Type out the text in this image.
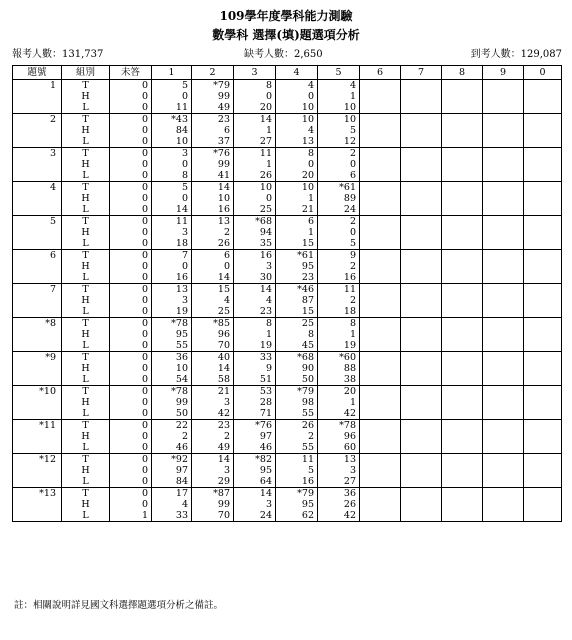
109學年度學科能力測驗
數學科 選擇(填)題選項分析
報考人數：131,737	缺考人數：2,650	到考人數：129,087
題號	組別	未答	1	2	3	4	5	6	7	8	9	0
1	T	0	5	*79	8	4	4					
	H	0	0	99	0	0	1					
	L	0	11	49	20	10	10					
2	T	0	*43	23	14	10	10					
	H	0	84	6	1	4	5					
	L	0	10	37	27	13	12					
3	T	0	3	*76	11	8	2					
	H	0	0	99	1	0	0					
	L	0	8	41	26	20	6					
4	T	0	5	14	10	10	*61					
	H	0	0	10	0	1	89					
	L	0	14	16	25	21	24					
5	T	0	11	13	*68	6	2					
	H	0	3	2	94	1	0					
	L	0	18	26	35	15	5					
6	T	0	7	6	16	*61	9					
	H	0	0	0	3	95	2					
	L	0	16	14	30	23	16					
7	T	0	13	15	14	*46	11					
	H	0	3	4	4	87	2					
	L	0	19	25	23	15	18					
*8	T	0	*78	*85	8	25	8					
	H	0	95	96	1	8	1					
	L	0	55	70	19	45	19					
*9	T	0	36	40	33	*68	*60					
	H	0	10	14	9	90	88					
	L	0	54	58	51	50	38					
*10	T	0	*78	21	53	*79	20					
	H	0	99	3	28	98	1					
	L	0	50	42	71	55	42					
*11	T	0	22	23	*76	26	*78					
	H	0	2	2	97	2	96					
	L	0	46	49	46	55	60					
*12	T	0	*92	14	*82	11	13					
	H	0	97	3	95	5	3					
	L	0	84	29	64	16	27					
*13	T	0	17	*87	14	*79	36					
	H	0	4	99	3	95	26					
	L	1	33	70	24	62	42					
註：相關說明詳見國文科選擇題選項分析之備註。
